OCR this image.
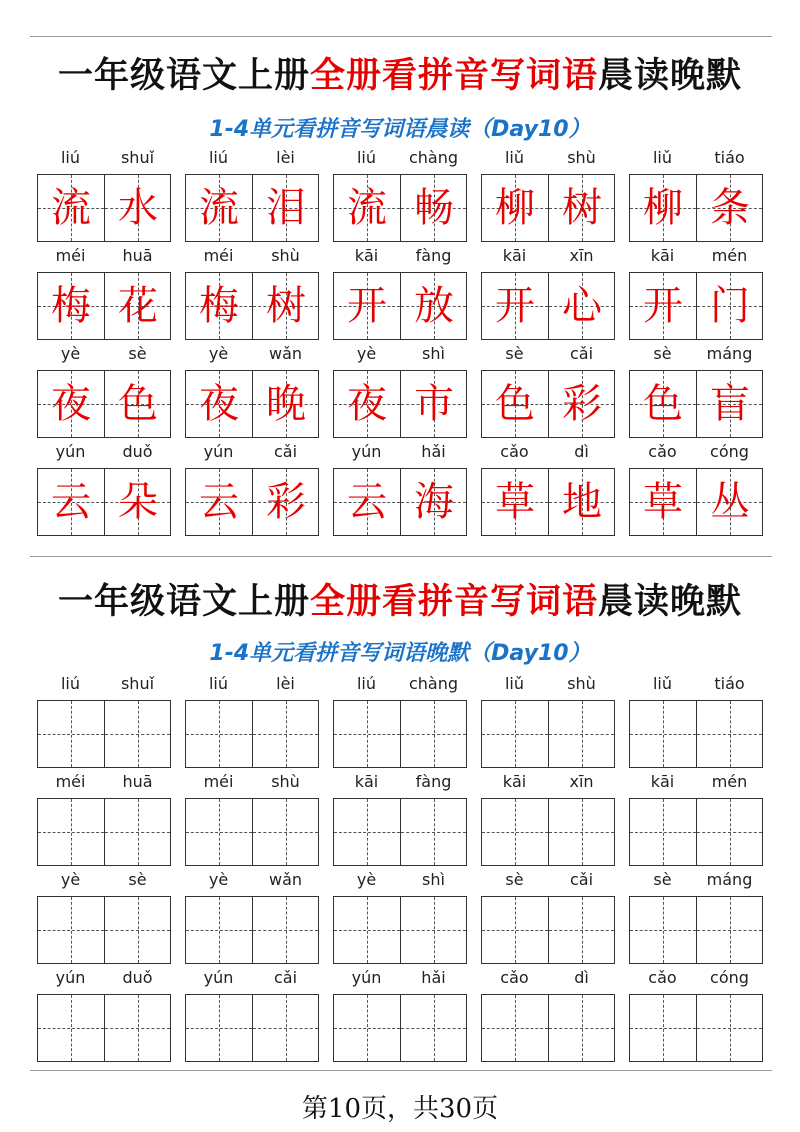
一年级语文上册全册看拼音写词语晨读晚默
1-4单元看拼音写词语晨读（Day10）
liú	shuǐ
流 水
liú	lèi
流 泪
liú	chàng
流 畅
liǔ	shù
柳 树
liǔ	tiáo
柳 条
méi	huā
梅 花
méi	shù
梅 树
kāi	fàng
开 放
kāi	xīn
开 心
kāi	mén
开 门
yè	sè
夜 色
yè	wǎn
夜 晚
yè	shì
夜 市
sè	cǎi
色 彩
sè	máng
色 盲
yún	duǒ
云 朵
yún	cǎi
云 彩
yún	hǎi
云 海
cǎo	dì
草 地
cǎo	cóng
草 丛
一年级语文上册全册看拼音写词语晨读晚默
1-4单元看拼音写词语晚默（Day10）
liú	shuǐ	liú	lèi	liú	chàng	liǔ	shù	liǔ	tiáo
méi	huā	méi	shù	kāi	fàng	kāi	xīn	kāi	mén
yè	sè	yè	wǎn	yè	shì	sè	cǎi	sè	máng
yún	duǒ	yún	cǎi	yún	hǎi	cǎo	dì	cǎo	cóng
第10页，共30页
